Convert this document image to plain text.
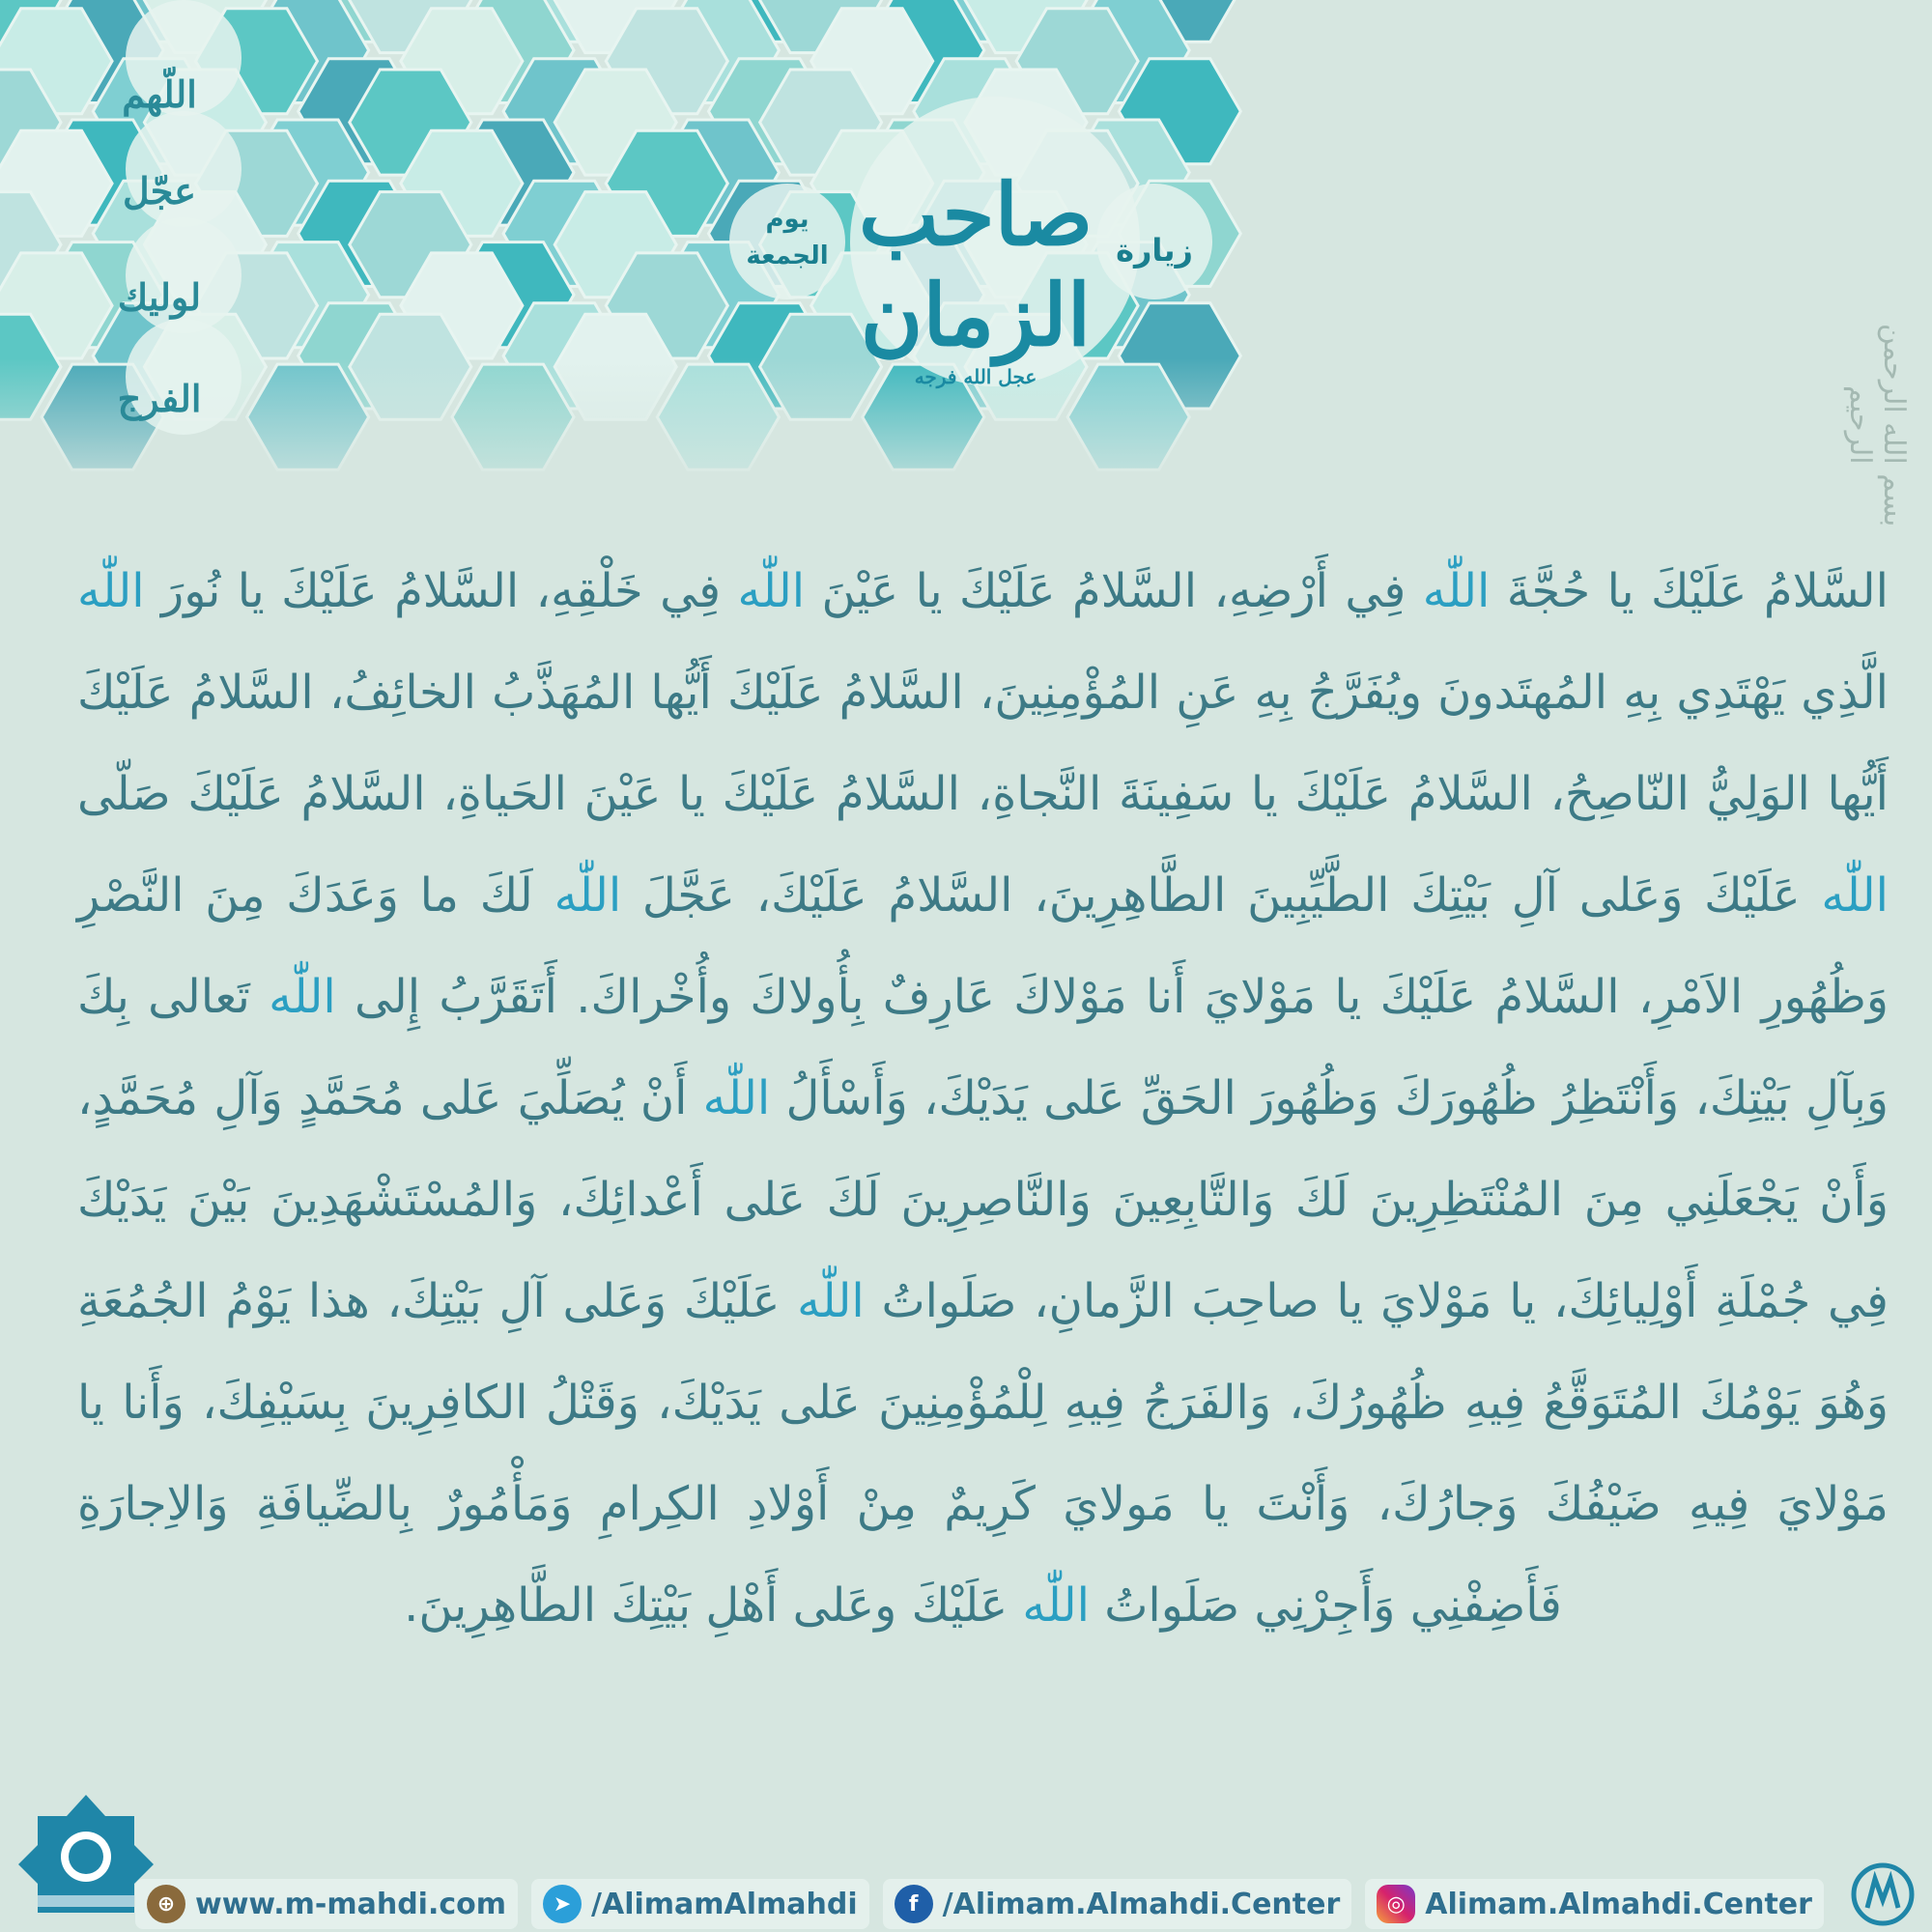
اللّهم
عجّل
لوليك
الفرج
زيارة
يوم
الجمعة صاحب الزمان
عجل الله فرجه	بسم الله الرحمن الرحيم
السَّلامُ عَلَيْكَ يا حُجَّةَ اللّٰه فِي أَرْضِهِ، السَّلامُ عَلَيْكَ يا عَيْنَ اللّٰه فِي خَلْقِهِ، السَّلامُ عَلَيْكَ يا نُورَ اللّٰه الَّذِي يَهْتَدِي بِهِ المُهتَدونَ ويُفَرَّجُ بِهِ عَنِ المُؤْمِنِينَ، السَّلامُ عَلَيْكَ أَيُّها المُهَذَّبُ الخائِفُ، السَّلامُ عَلَيْكَ أَيُّها الوَلِيُّ النّاصِحُ، السَّلامُ عَلَيْكَ يا سَفِينَةَ النَّجاةِ، السَّلامُ عَلَيْكَ يا عَيْنَ الحَياةِ، السَّلامُ عَلَيْكَ صَلّى اللّٰه عَلَيْكَ وَعَلى آلِ بَيْتِكَ الطَّيِّبِينَ الطَّاهِرِينَ، السَّلامُ عَلَيْكَ، عَجَّلَ اللّٰه لَكَ ما وَعَدَكَ مِنَ النَّصْرِ وَظُهُورِ الاَمْرِ، السَّلامُ عَلَيْكَ يا مَوْلايَ أَنا مَوْلاكَ عَارِفٌ بِأُولاكَ وأُخْراكَ. أَتَقَرَّبُ إِلى اللّٰه تَعالى بِكَ وَبِآلِ بَيْتِكَ، وَأَنْتَظِرُ ظُهُورَكَ وَظُهُورَ الحَقِّ عَلى يَدَيْكَ، وَأَسْأَلُ اللّٰه أَنْ يُصَلِّيَ عَلى مُحَمَّدٍ وَآلِ مُحَمَّدٍ، وَأَنْ يَجْعَلَنِي مِنَ المُنْتَظِرِينَ لَكَ وَالتَّابِعِينَ وَالنَّاصِرِينَ لَكَ عَلى أَعْدائِكَ، وَالمُسْتَشْهَدِينَ بَيْنَ يَدَيْكَ فِي جُمْلَةِ أَوْلِيائِكَ، يا مَوْلايَ يا صاحِبَ الزَّمانِ، صَلَواتُ اللّٰه عَلَيْكَ وَعَلى آلِ بَيْتِكَ، هذا يَوْمُ الجُمُعَةِ وَهُوَ يَوْمُكَ المُتَوَقَّعُ فِيهِ ظُهُورُكَ، وَالفَرَجُ فِيهِ لِلْمُؤْمِنِينَ عَلى يَدَيْكَ، وَقَتْلُ الكافِرِينَ بِسَيْفِكَ، وَأَنا يا مَوْلايَ فِيهِ ضَيْفُكَ وَجارُكَ، وَأَنْتَ يا مَولايَ كَرِيمٌ مِنْ أَوْلادِ الكِرامِ وَمَأْمُورٌ بِالضِّيافَةِ وَالاِجارَةِ فَأَضِفْنِي وَأَجِرْنِي صَلَواتُ اللّٰه عَلَيْكَ وعَلى أَهْلِ بَيْتِكَ الطَّاهِرِينَ.
⊕ www.m-mahdi.com	➤ /AlimamAlmahdi	f /Alimam.Almahdi.Center	◎ Alimam.Almahdi.Center
